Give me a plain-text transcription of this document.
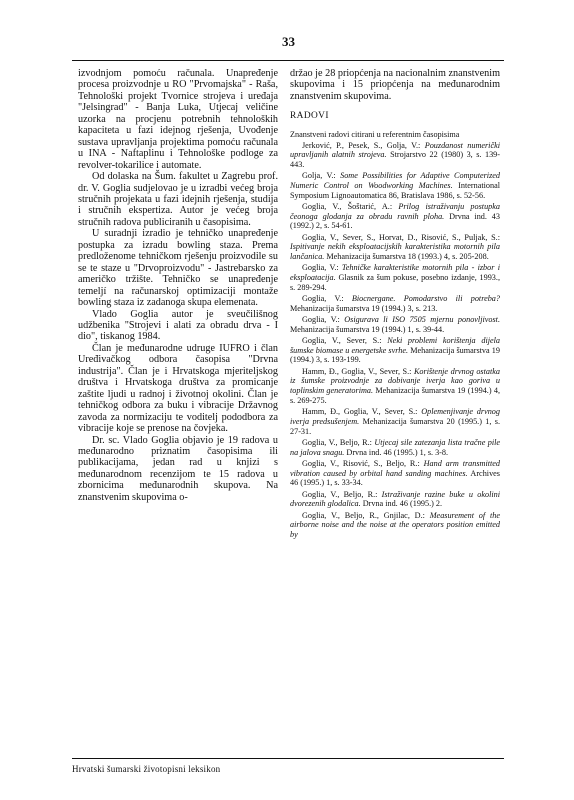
33

izvodnjom pomoću računala. Unapređenje procesa proizvodnje u RO "Prvomajska" - Raša, Tehnološki projekt Tvornice strojeva i uređaja "Jelsingrad" - Banja Luka, Utjecaj veličine uzorka na procjenu potrebnih tehnoloških kapaciteta u fazi idejnog rješenja, Uvođenje sustava upravljanja projektima pomoću računala u INA - Naftaplinu i Tehnološke podloge za revolver-tokarilice i automate.

Od dolaska na Šum. fakultet u Zagrebu prof. dr. V. Goglia sudjelovao je u izradbi većeg broja stručnih projekata u fazi idejnih rješenja, studija i stručnih ekspertiza. Autor je većeg broja stručnih radova publiciranih u časopisima.

U suradnji izradio je tehničko unapređenje postupka za izradu bowling staza. Prema predloženome tehničkom rješenju proizvodile su se te staze u "Drvoproizvodu" - Jastrebarsko za američko tržište. Tehničko se unapređenje temeljí na računarskoj optimizaciji montaže bowling staza iz zadanoga skupa elemenata.

Vlado Goglia autor je sveučilišnog udžbenika "Strojevi i alati za obradu drva - I dio", tiskanog 1984.

Član je međunarodne udruge IUFRO i član Uređivačkog odbora časopisa "Drvna industrija". Član je i Hrvatskoga mjeriteljskog društva i Hrvatskoga društva za promicanje zaštite ljudi u radnoj i životnoj okolini. Član je tehničkog odbora za buku i vibracije Državnog zavoda za normizaciju te voditelj pododbora za vibracije koje se prenose na čovjeka.

Dr. sc. Vlado Goglia objavio je 19 radova u međunarodno priznatim časopisima ili publikacijama, jedan rad u knjizi s međunarodnom recenzijom te 15 radova u zbornicima međunarodnih skupova. Na znanstvenim skupovima o-

držao je 28 priopćenja na nacionalnim znanstvenim skupovima i 15 priopćenja na međunarodnim znanstvenim skupovima.

RADOVI
Znanstveni radovi citirani u referentnim časopisima

Jerković, P., Pesek, S., Golja, V.: Pouzdanost numerički upravljanih alatnih strojeva. Strojarstvo 22 (1980) 3, s. 139-443.

Golja, V.: Some Possibilities for Adaptive Computerized Numeric Control on Woodworking Machines. International Symposium Lignoautomatica 86, Bratislava 1986, s. 52-56.

Goglia, V., Šoštarić, A.: Prilog istraživanju postupka čeonoga glodanja za obradu ravnih ploha. Drvna ind. 43 (1992.) 2, s. 54-61.

Goglia, V., Sever, S., Horvat, D., Risović, S., Puljak, S.: Ispitivanje nekih eksploatacijskih karakteristika motornih pila lančanica. Mehanizacija šumarstva 18 (1993.) 4, s. 205-208.

Goglia, V.: Tehničke karakteristike motornih pila - izbor i eksploatacija. Glasnik za šum pokuse, posebno izdanje, 1993., s. 289-294.

Goglia, V.: Biocnergane. Pomodarstvo ili potreba? Mehanizacija šumarstva 19 (1994.) 3, s. 213.

Goglia, V.: Osigurava li ISO 7505 mjernu ponovljivost. Mehanizacija šumarstva 19 (1994.) 1, s. 39-44.

Goglia, V., Sever, S.: Neki problemi korištenja dijela šumske biomase u energetske svrhe. Mehanizacija šumarstva 19 (1994.) 3, s. 193-199.

Hamm, Đ., Goglia, V., Sever, S.: Korištenje drvnog ostatka iz šumske proizvodnje za dobivanje iverja kao goriva u toplinskim generatorima. Mehanizacija šumarstva 19 (1994.) 4, s. 269-275.

Hamm, Đ., Goglia, V., Sever, S.: Oplemenjivanje drvnog iverja predsušenjem. Mehanizacija šumarstva 20 (1995.) 1, s. 27-31.

Goglia, V., Beljo, R.: Utjecaj sile zatezanja lista tračne pile na jalova snagu. Drvna ind. 46 (1995.) 1, s. 3-8.

Goglia, V., Risović, S., Beljo, R.: Hand arm transmitted vibration caused by orbital hand sanding machines. Archives 46 (1995.) 1, s. 33-34.

Goglia, V., Beljo, R.: Istraživanje razine buke u okolini dvorezenih glodalica. Drvna ind. 46 (1995.) 2.

Goglia, V., Beljo, R., Gnjilac, D.: Measurement of the airborne noise and the noise at the operators position emitted by

Hrvatski šumarski životopisni leksikon
